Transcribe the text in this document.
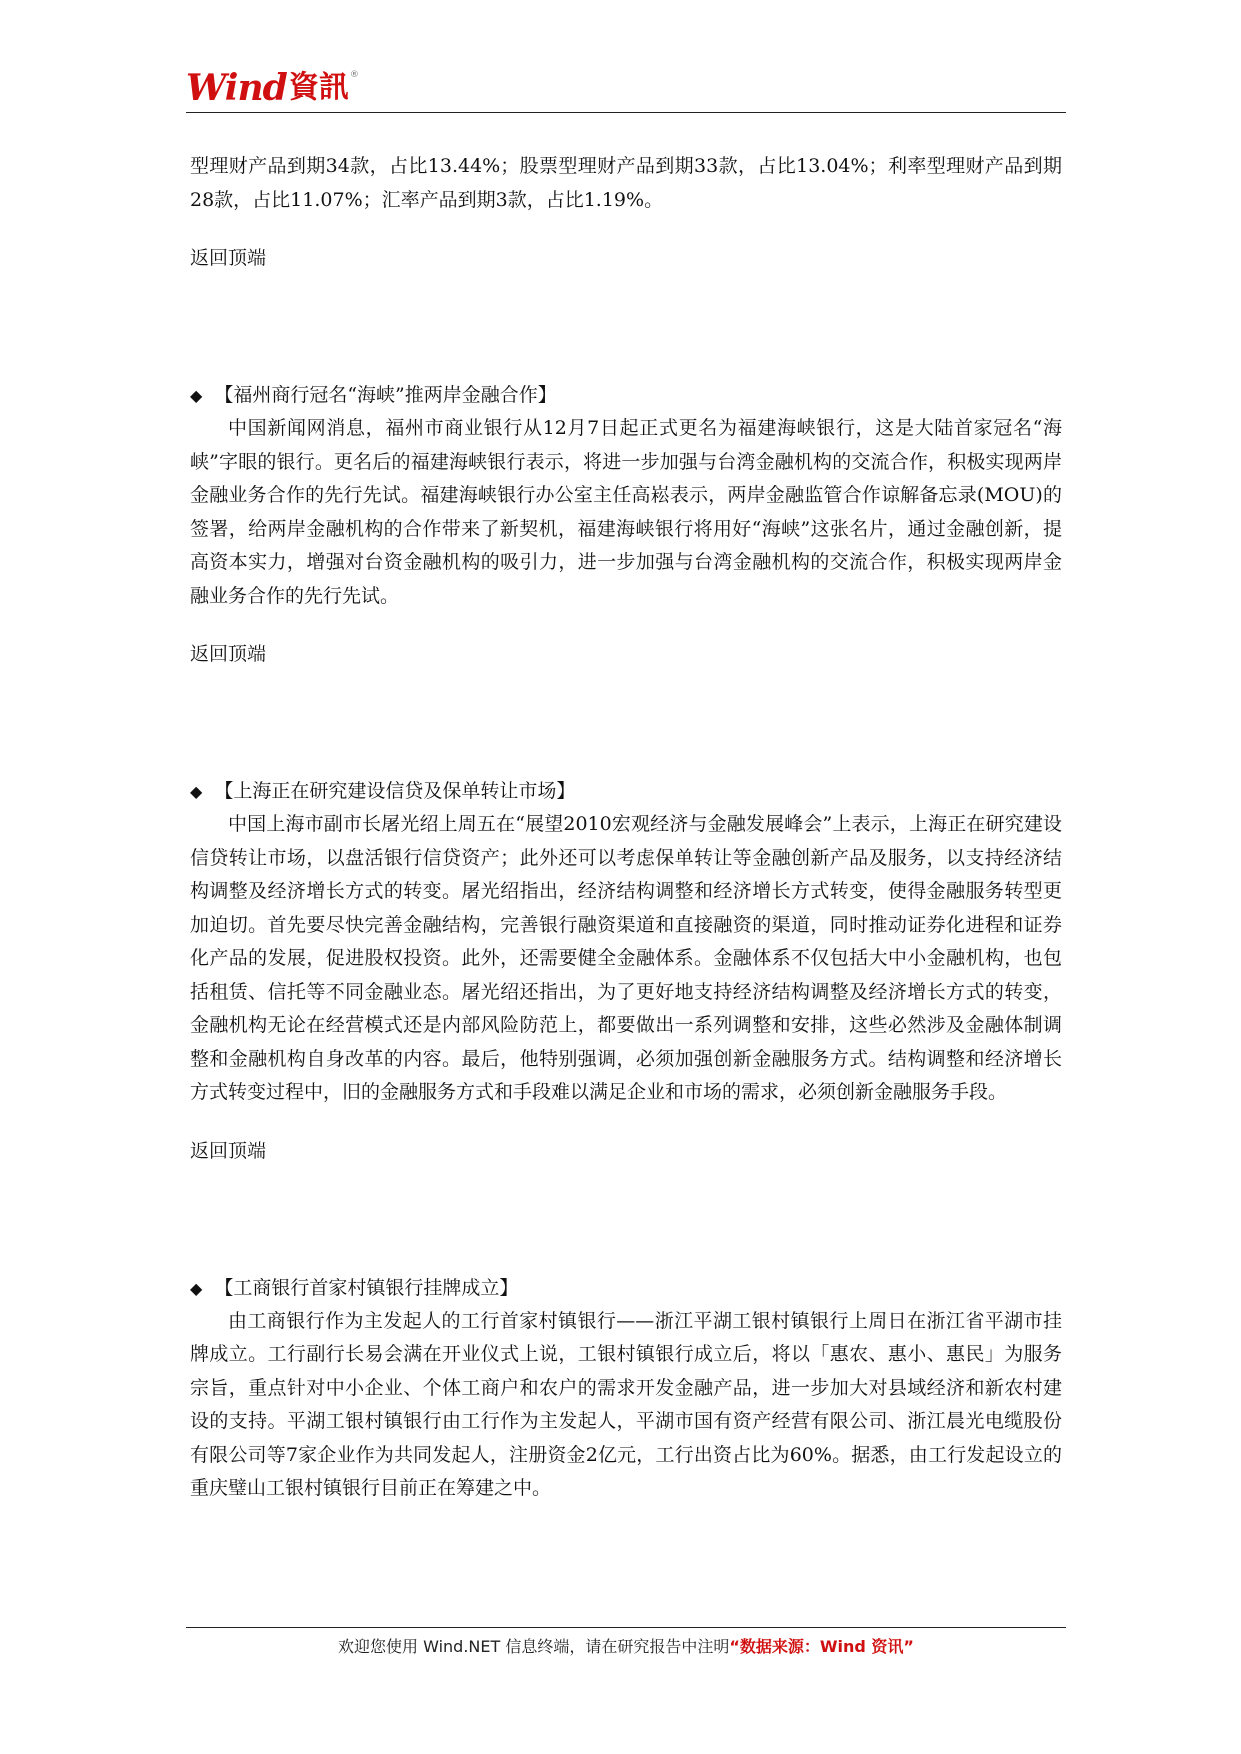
Wind 資訊 ®

型理财产品到期34款，占比13.44%；股票型理财产品到期33款，占比13.04%；利率型理财产品到期28款，占比11.07%；汇率产品到期3款，占比1.19%。

返回顶端

◆ 【福州商行冠名“海峡”推两岸金融合作】

中国新闻网消息，福州市商业银行从12月7日起正式更名为福建海峡银行，这是大陆首家冠名“海峡”字眼的银行。更名后的福建海峡银行表示，将进一步加强与台湾金融机构的交流合作，积极实现两岸金融业务合作的先行先试。福建海峡银行办公室主任高崧表示，两岸金融监管合作谅解备忘录(MOU)的签署，给两岸金融机构的合作带来了新契机，福建海峡银行将用好“海峡”这张名片，通过金融创新，提高资本实力，增强对台资金融机构的吸引力，进一步加强与台湾金融机构的交流合作，积极实现两岸金融业务合作的先行先试。

返回顶端

◆ 【上海正在研究建设信贷及保单转让市场】

中国上海市副市长屠光绍上周五在“展望2010宏观经济与金融发展峰会”上表示，上海正在研究建设信贷转让市场，以盘活银行信贷资产；此外还可以考虑保单转让等金融创新产品及服务，以支持经济结构调整及经济增长方式的转变。屠光绍指出，经济结构调整和经济增长方式转变，使得金融服务转型更加迫切。首先要尽快完善金融结构，完善银行融资渠道和直接融资的渠道，同时推动证券化进程和证券化产品的发展，促进股权投资。此外，还需要健全金融体系。金融体系不仅包括大中小金融机构，也包括租赁、信托等不同金融业态。屠光绍还指出，为了更好地支持经济结构调整及经济增长方式的转变，金融机构无论在经营模式还是内部风险防范上，都要做出一系列调整和安排，这些必然涉及金融体制调整和金融机构自身改革的内容。最后，他特别强调，必须加强创新金融服务方式。结构调整和经济增长方式转变过程中，旧的金融服务方式和手段难以满足企业和市场的需求，必须创新金融服务手段。

返回顶端

◆ 【工商银行首家村镇银行挂牌成立】

由工商银行作为主发起人的工行首家村镇银行——浙江平湖工银村镇银行上周日在浙江省平湖市挂牌成立。工行副行长易会满在开业仪式上说，工银村镇银行成立后，将以「惠农、惠小、惠民」为服务宗旨，重点针对中小企业、个体工商户和农户的需求开发金融产品，进一步加大对县域经济和新农村建设的支持。平湖工银村镇银行由工行作为主发起人，平湖市国有资产经营有限公司、浙江晨光电缆股份有限公司等7家企业作为共同发起人，注册资金2亿元，工行出资占比为60%。据悉，由工行发起设立的重庆璧山工银村镇银行目前正在筹建之中。

欢迎您使用 Wind.NET 信息终端，请在研究报告中注明“数据来源：Wind 资讯”
